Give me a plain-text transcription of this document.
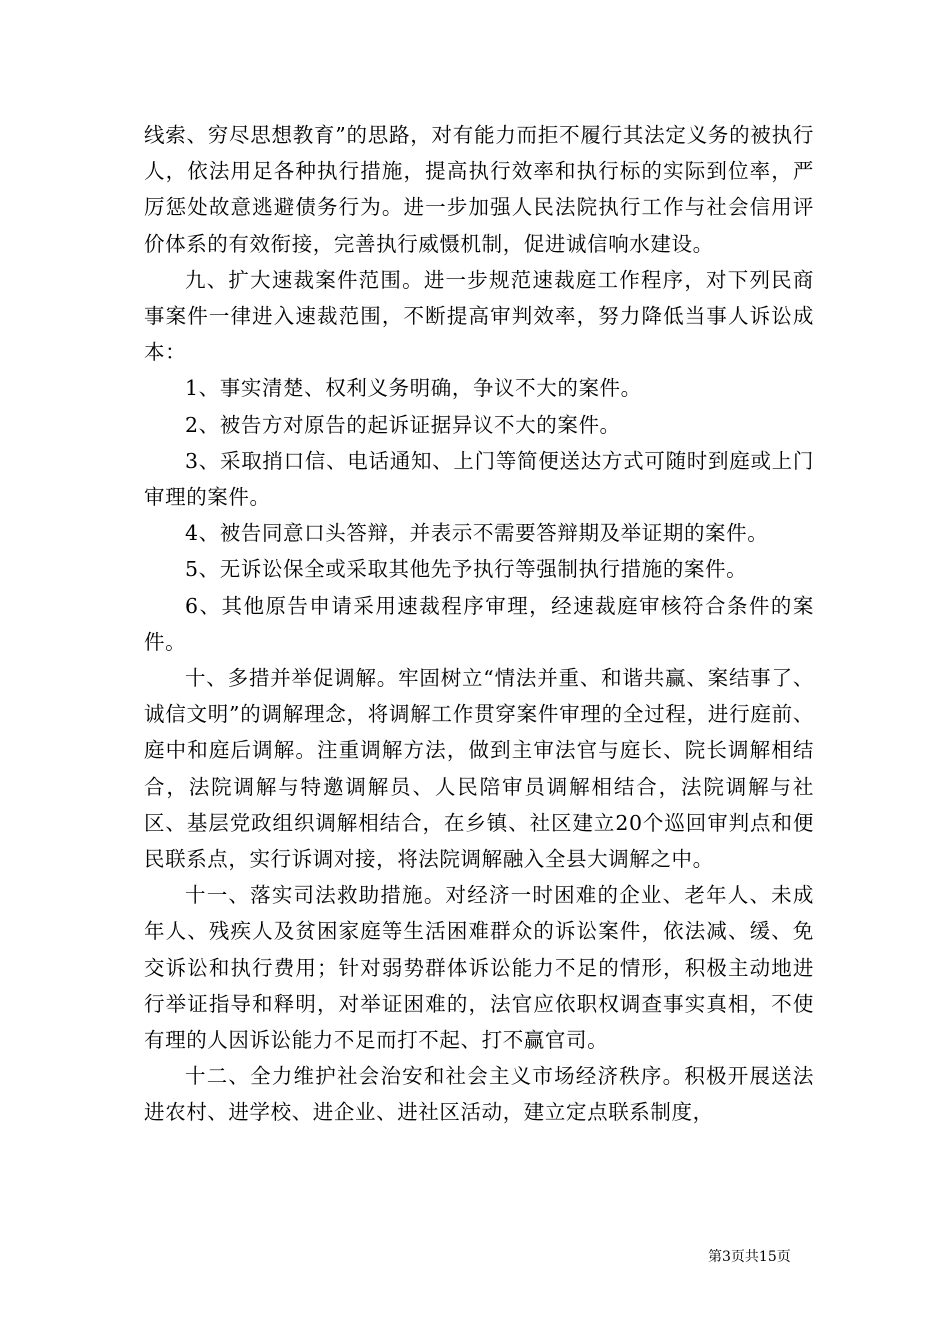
线索、穷尽思想教育”的思路，对有能力而拒不履行其法定义务的被执行人，依法用足各种执行措施，提高执行效率和执行标的实际到位率，严厉惩处故意逃避债务行为。进一步加强人民法院执行工作与社会信用评价体系的有效衔接，完善执行威慑机制，促进诚信响水建设。

九、扩大速裁案件范围。进一步规范速裁庭工作程序，对下列民商事案件一律进入速裁范围，不断提高审判效率，努力降低当事人诉讼成本：

1、事实清楚、权利义务明确，争议不大的案件。

2、被告方对原告的起诉证据异议不大的案件。

3、采取捎口信、电话通知、上门等简便送达方式可随时到庭或上门审理的案件。

4、被告同意口头答辩，并表示不需要答辩期及举证期的案件。

5、无诉讼保全或采取其他先予执行等强制执行措施的案件。

6、其他原告申请采用速裁程序审理，经速裁庭审核符合条件的案件。

十、多措并举促调解。牢固树立“情法并重、和谐共赢、案结事了、诚信文明”的调解理念，将调解工作贯穿案件审理的全过程，进行庭前、庭中和庭后调解。注重调解方法，做到主审法官与庭长、院长调解相结合，法院调解与特邀调解员、人民陪审员调解相结合，法院调解与社区、基层党政组织调解相结合，在乡镇、社区建立20个巡回审判点和便民联系点，实行诉调对接，将法院调解融入全县大调解之中。

十一、落实司法救助措施。对经济一时困难的企业、老年人、未成年人、残疾人及贫困家庭等生活困难群众的诉讼案件，依法减、缓、免交诉讼和执行费用；针对弱势群体诉讼能力不足的情形，积极主动地进行举证指导和释明，对举证困难的，法官应依职权调查事实真相，不使有理的人因诉讼能力不足而打不起、打不赢官司。

十二、全力维护社会治安和社会主义市场经济秩序。积极开展送法进农村、进学校、进企业、进社区活动，建立定点联系制度，

第3页共15页
